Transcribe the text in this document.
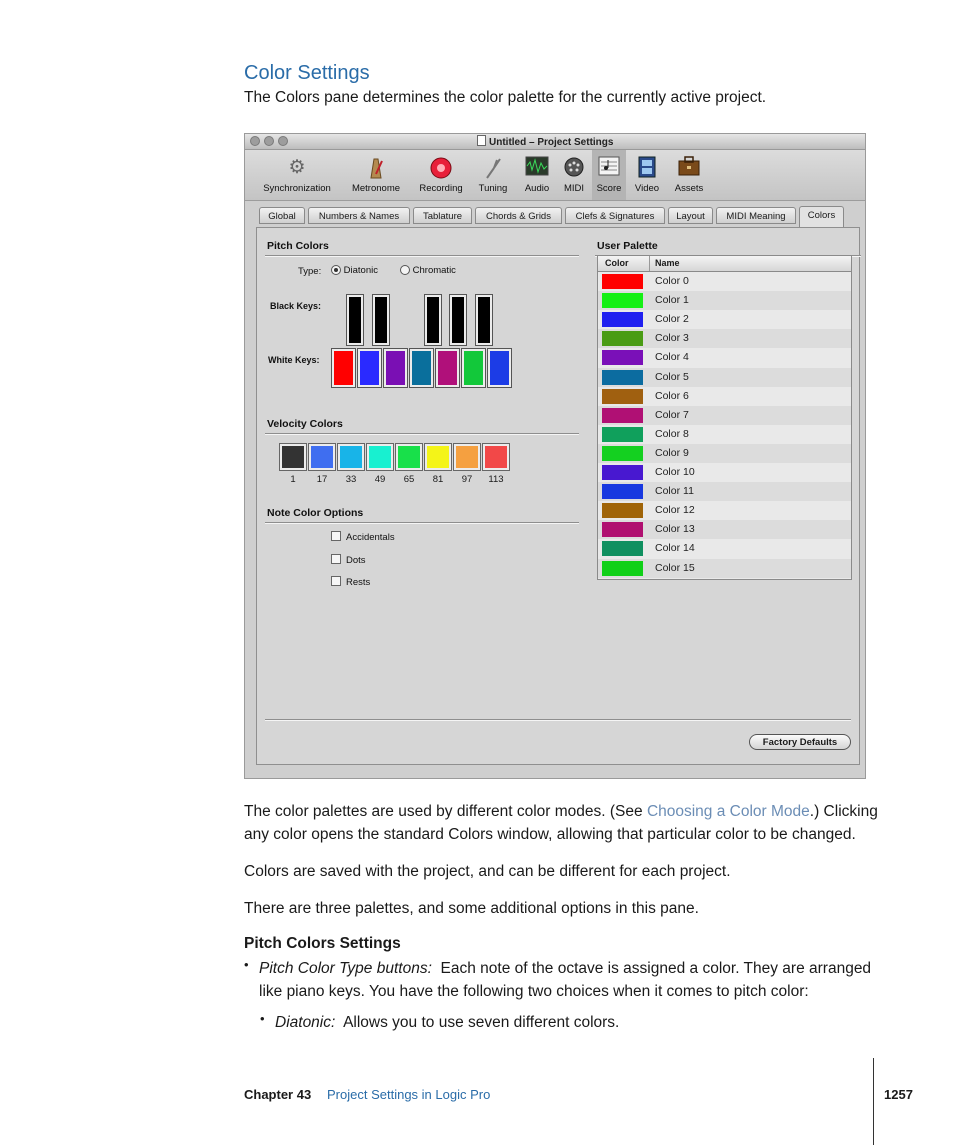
Color Settings
The Colors pane determines the color palette for the currently active project.
Untitled – Project Settings
⚙
Synchronization	Metronome	Recording	Tuning	Audio	MIDI	Score	Video	Assets
Global	Numbers & Names	Tablature	Chords & Grids	Clefs & Signatures	Layout	MIDI Meaning	Colors
Pitch Colors
Type:	Diatonic	Chromatic
Black Keys:
White Keys:
Velocity Colors
1	17	33	49	65	81	97	113
Note Color Options
Accidentals
Dots
Rests
User Palette
Color	Name
Color 0
Color 1
Color 2
Color 3
Color 4
Color 5
Color 6
Color 7
Color 8
Color 9
Color 10
Color 11
Color 12
Color 13
Color 14
Color 15
Factory Defaults
The color palettes are used by different color modes. (See Choosing a Color Mode.) Clicking any color opens the standard Colors window, allowing that particular color to be changed.
Colors are saved with the project, and can be different for each project.
There are three palettes, and some additional options in this pane.
Pitch Colors Settings
• Pitch Color Type buttons: Each note of the octave is assigned a color. They are arranged like piano keys. You have the following two choices when it comes to pitch color:
• Diatonic: Allows you to use seven different colors.
Chapter 43 Project Settings in Logic Pro	1257
